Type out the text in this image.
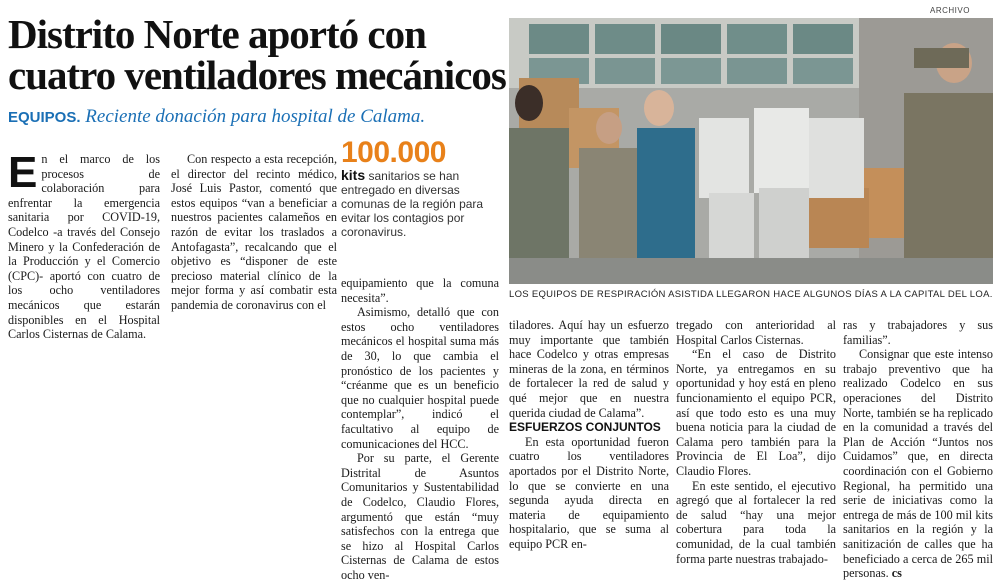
Distrito Norte aportó con
cuatro ventiladores mecánicos
EQUIPOS. Reciente donación para hospital de Calama.
ARCHIVO
LOS EQUIPOS DE RESPIRACIÓN ASISTIDA LLEGARON HACE ALGUNOS DÍAS A LA CAPITAL DEL LOA.

En el marco de los procesos de colaboración para enfrentar la emergencia sanitaria por COVID-19, Codelco -a través del Consejo Minero y la Confederación de la Producción y el Comercio (CPC)- aportó con cuatro de los ocho ventiladores mecánicos que estarán disponibles en el Hospital Carlos Cisternas de Calama.

Con respecto a esta recepción, el director del recinto médico, José Luis Pastor, comentó que estos equipos “van a beneficiar a nuestros pacientes calameños en razón de evitar los traslados a Antofagasta”, recalcando que el objetivo es “disponer de este precioso material clínico de la mejor forma y así combatir esta pandemia de coronavirus con el

100.000
kits sanitarios se han entregado en diversas comunas de la región para evitar los contagios por coronavirus.

equipamiento que la comuna necesita”.

Asimismo, detalló que con estos ocho ventiladores mecánicos el hospital suma más de 30, lo que cambia el pronóstico de los pacientes y “créanme que es un beneficio que no cualquier hospital puede contemplar”, indicó el facultativo al equipo de comunicaciones del HCC.

Por su parte, el Gerente Distrital de Asuntos Comunitarios y Sustentabilidad de Codelco, Claudio Flores, argumentó que están “muy satisfechos con la entrega que se hizo al Hospital Carlos Cisternas de Calama de estos ocho ven-

tiladores. Aquí hay un esfuerzo muy importante que también hace Codelco y otras empresas mineras de la zona, en términos de fortalecer la red de salud y qué mejor que en nuestra querida ciudad de Calama”.

ESFUERZOS CONJUNTOS

En esta oportunidad fueron cuatro los ventiladores aportados por el Distrito Norte, lo que se convierte en una segunda ayuda directa en materia de equipamiento hospitalario, que se suma al equipo PCR en-

tregado con anterioridad al Hospital Carlos Cisternas.

“En el caso de Distrito Norte, ya entregamos en su oportunidad y hoy está en pleno funcionamiento el equipo PCR, así que todo esto es una muy buena noticia para la ciudad de Calama pero también para la Provincia de El Loa”, dijo Claudio Flores.

En este sentido, el ejecutivo agregó que al fortalecer la red de salud “hay una mejor cobertura para toda la comunidad, de la cual también forma parte nuestras trabajado-

ras y trabajadores y sus familias”.

Consignar que este intenso trabajo preventivo que ha realizado Codelco en sus operaciones del Distrito Norte, también se ha replicado en la comunidad a través del Plan de Acción “Juntos nos Cuidamos” que, en directa coordinación con el Gobierno Regional, ha permitido una serie de iniciativas como la entrega de más de 100 mil kits sanitarios en la región y la sanitización de calles que ha beneficiado a cerca de 265 mil personas. cs
